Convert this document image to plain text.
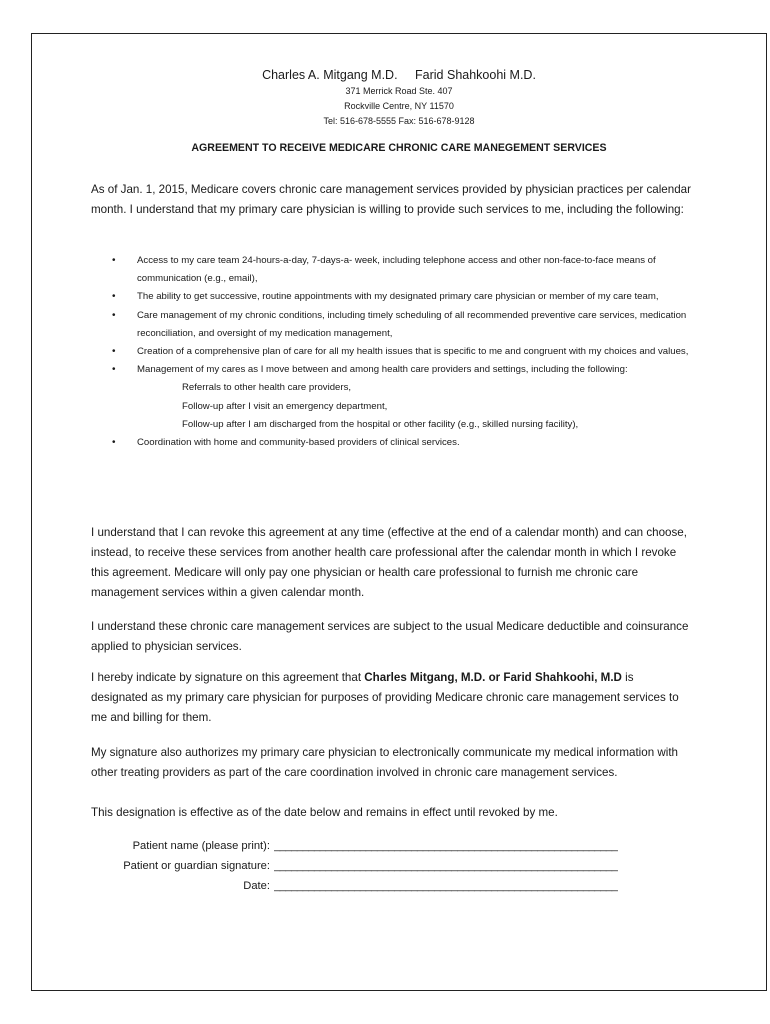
Charles A. Mitgang M.D. Farid Shahkoohi M.D.
371 Merrick Road Ste. 407
Rockville Centre, NY 11570
Tel: 516-678-5555 Fax: 516-678-9128
AGREEMENT TO RECEIVE MEDICARE CHRONIC CARE MANEGEMENT SERVICES
As of Jan. 1, 2015, Medicare covers chronic care management services provided by physician practices per calendar month. I understand that my primary care physician is willing to provide such services to me, including the following:
• Access to my care team 24-hours-a-day, 7-days-a- week, including telephone access and other non-face-to-face means of communication (e.g., email),
• The ability to get successive, routine appointments with my designated primary care physician or member of my care team,
• Care management of my chronic conditions, including timely scheduling of all recommended preventive care services, medication reconciliation, and oversight of my medication management,
• Creation of a comprehensive plan of care for all my health issues that is specific to me and congruent with my choices and values,
• Management of my cares as I move between and among health care providers and settings, including the following:
Referrals to other health care providers,
Follow-up after I visit an emergency department,
Follow-up after I am discharged from the hospital or other facility (e.g., skilled nursing facility),
• Coordination with home and community-based providers of clinical services.
I understand that I can revoke this agreement at any time (effective at the end of a calendar month) and can choose, instead, to receive these services from another health care professional after the calendar month in which I revoke this agreement. Medicare will only pay one physician or health care professional to furnish me chronic care management services within a given calendar month.
I understand these chronic care management services are subject to the usual Medicare deductible and coinsurance applied to physician services.
I hereby indicate by signature on this agreement that Charles Mitgang, M.D. or Farid Shahkoohi, M.D is designated as my primary care physician for purposes of providing Medicare chronic care management services to me and billing for them.
My signature also authorizes my primary care physician to electronically communicate my medical information with other treating providers as part of the care coordination involved in chronic care management services.
This designation is effective as of the date below and remains in effect until revoked by me.
Patient name (please print): ____________________________________________________________
Patient or guardian signature: ____________________________________________________________
Date: ____________________________________________________________
